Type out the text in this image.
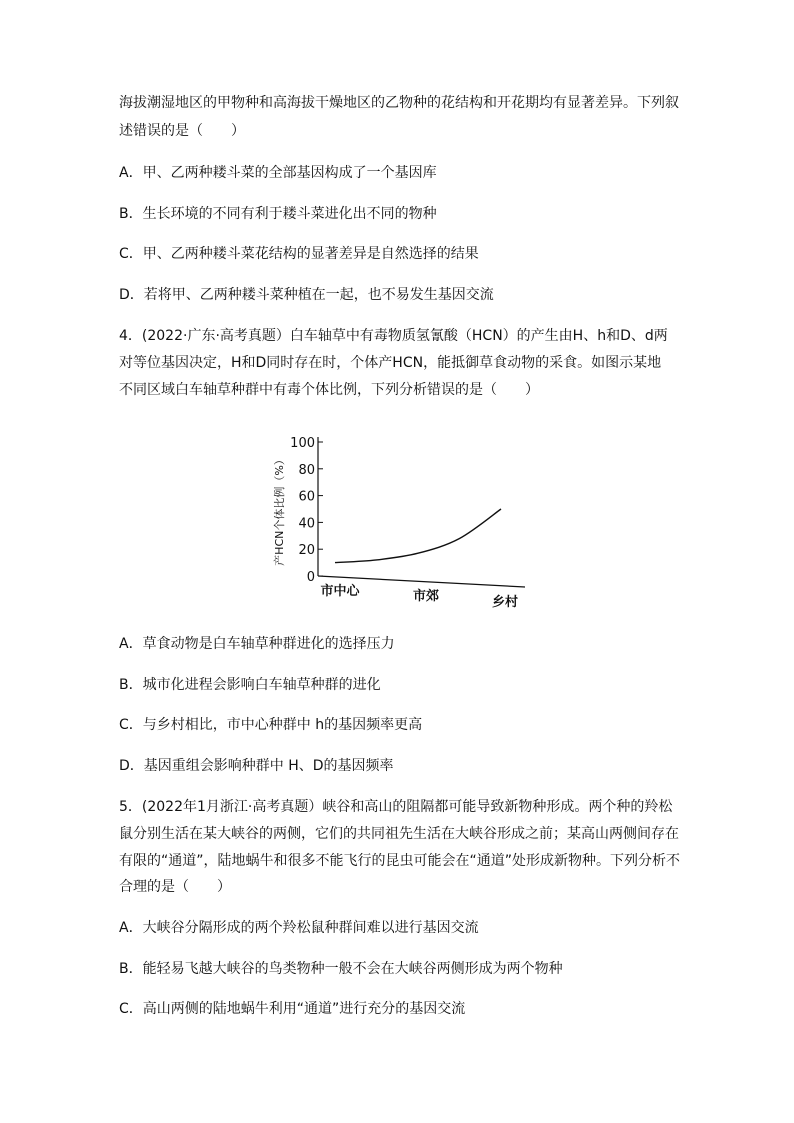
海拔潮湿地区的甲物种和高海拔干燥地区的乙物种的花结构和开花期均有显著差异。下列叙
述错误的是（　　）
A．甲、乙两种耧斗菜的全部基因构成了一个基因库
B．生长环境的不同有利于耧斗菜进化出不同的物种
C．甲、乙两种耧斗菜花结构的显著差异是自然选择的结果
D．若将甲、乙两种耧斗菜种植在一起，也不易发生基因交流
4．(2022·广东·高考真题）白车轴草中有毒物质氢氰酸（HCN）的产生由H、h和D、d两
对等位基因决定，H和D同时存在时，个体产HCN，能抵御草食动物的采食。如图示某地
不同区域白车轴草种群中有毒个体比例，下列分析错误的是（　　）
产HCN个体比例（%）
0
20
40
60
80
100
市中心	市郊	乡村
A．草食动物是白车轴草种群进化的选择压力
B．城市化进程会影响白车轴草种群的进化
C．与乡村相比，市中心种群中 h的基因频率更高
D．基因重组会影响种群中 H、D的基因频率
5．(2022年1月浙江·高考真题）峡谷和高山的阻隔都可能导致新物种形成。两个种的羚松
鼠分别生活在某大峡谷的两侧，它们的共同祖先生活在大峡谷形成之前；某高山两侧间存在
有限的“通道”，陆地蜗牛和很多不能飞行的昆虫可能会在“通道”处形成新物种。下列分析不
合理的是（　　）
A．大峡谷分隔形成的两个羚松鼠种群间难以进行基因交流
B．能轻易飞越大峡谷的鸟类物种一般不会在大峡谷两侧形成为两个物种
C．高山两侧的陆地蜗牛利用“通道”进行充分的基因交流
